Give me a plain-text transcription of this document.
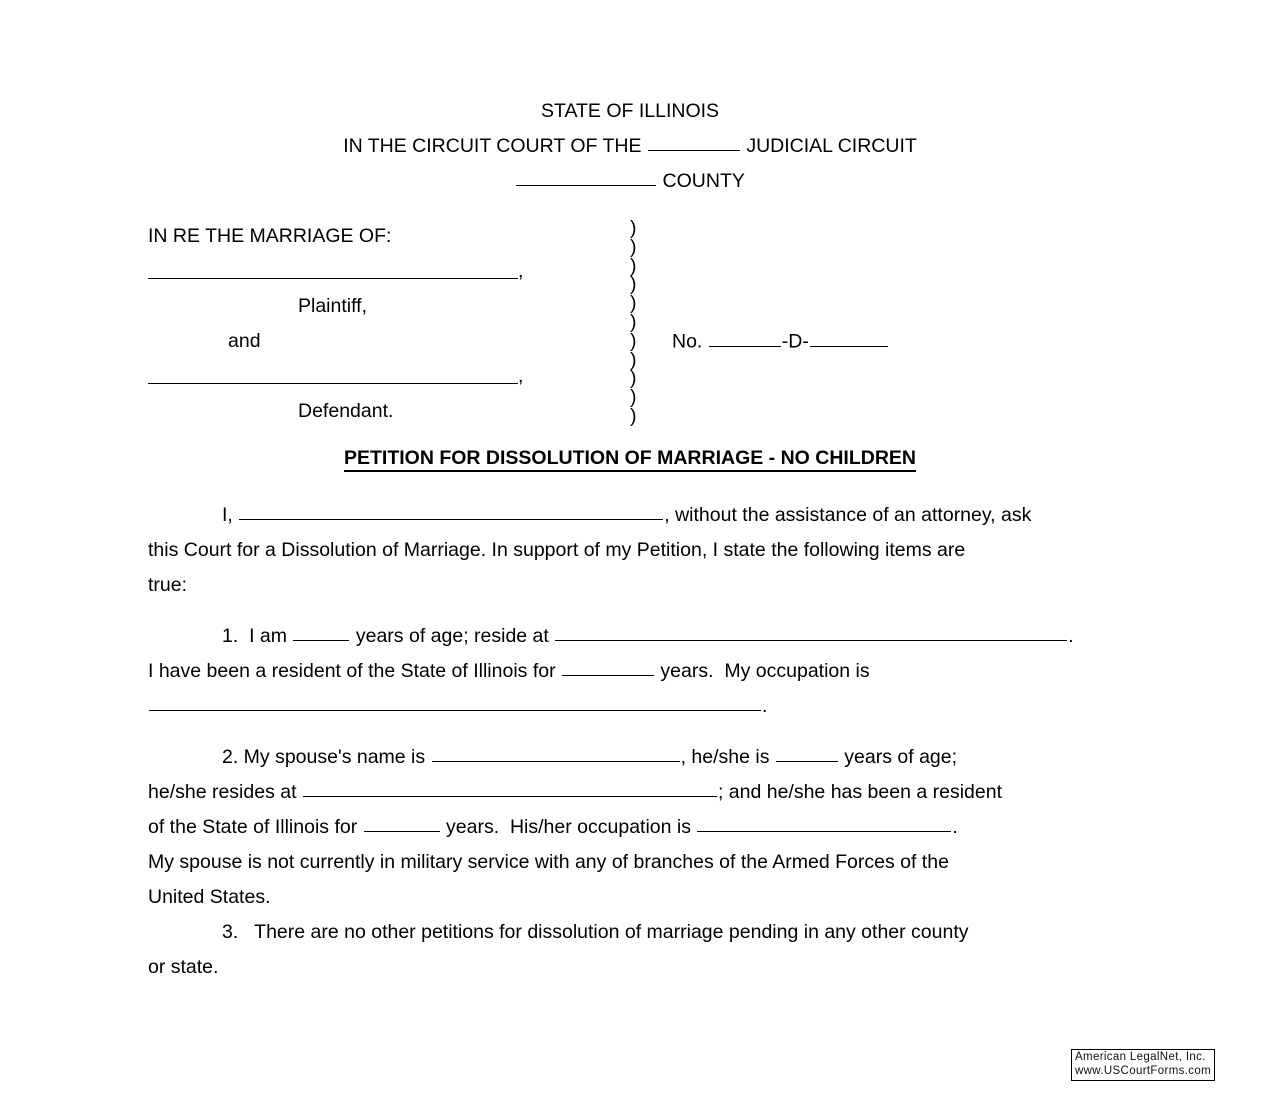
STATE OF ILLINOIS
IN THE CIRCUIT COURT OF THE	JUDICIAL CIRCUIT
COUNTY
IN RE THE MARRIAGE OF:
,
Plaintiff,
and
,
Defendant.
)
)
)
)
)
)
)
)
)
)
)
No.	-D-
PETITION FOR DISSOLUTION OF MARRIAGE - NO CHILDREN
I,	, without the assistance of an attorney, ask
this Court for a Dissolution of Marriage. In support of my Petition, I state the following items are
true:
1.  I am	years of age; reside at	.
I have been a resident of the State of Illinois for	years.  My occupation is
.
2. My spouse's name is	, he/she is	years of age;
he/she resides at	; and he/she has been a resident
of the State of Illinois for	years.  His/her occupation is	.
My spouse is not currently in military service with any of branches of the Armed Forces of the
United States.
3.   There are no other petitions for dissolution of marriage pending in any other county
or state.
American LegalNet, Inc.
www.USCourtForms.com
